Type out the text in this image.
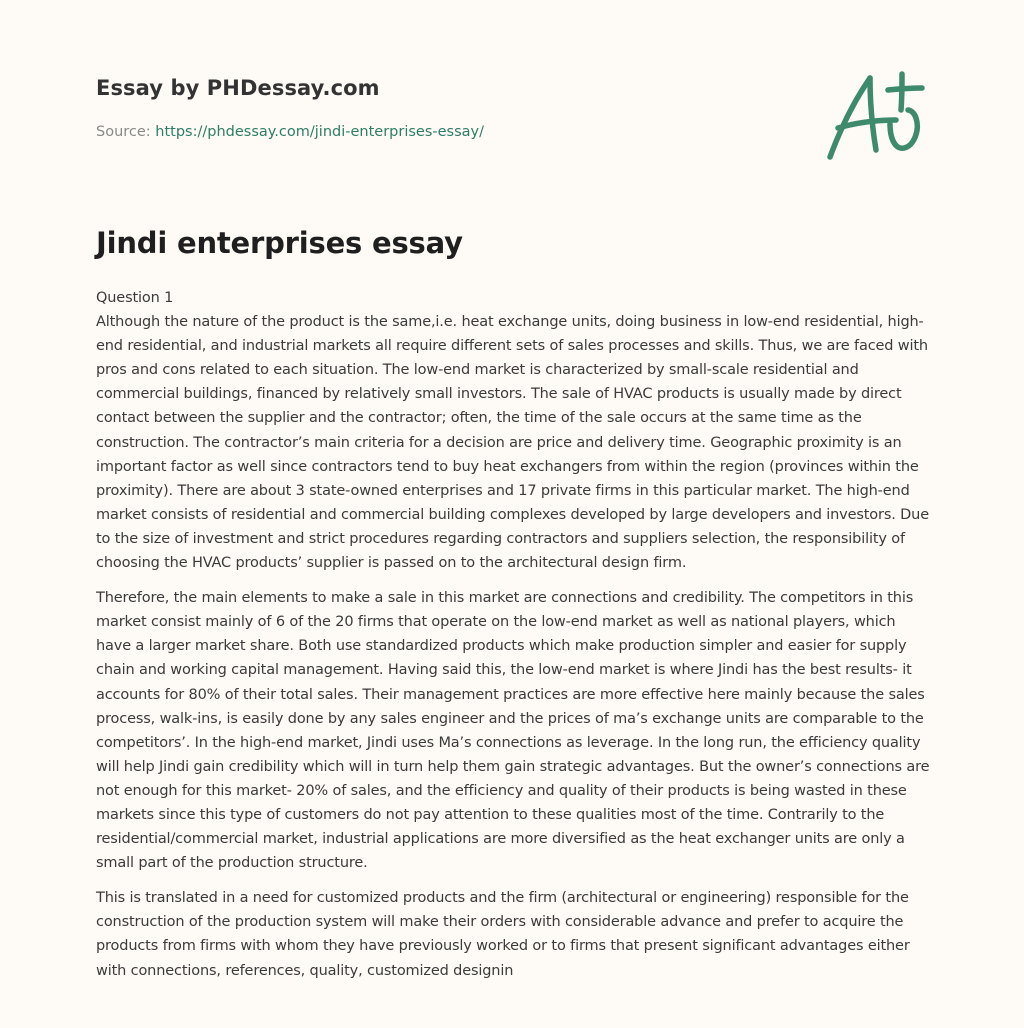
Essay by PHDessay.com
Source: https://phdessay.com/jindi-enterprises-essay/
Jindi enterprises essay

Question 1
Although the nature of the product is the same,i.e. heat exchange units, doing business in low-end residential, high-end residential, and industrial markets all require different sets of sales processes and skills. Thus, we are faced with pros and cons related to each situation. The low-end market is characterized by small-scale residential and commercial buildings, financed by relatively small investors. The sale of HVAC products is usually made by direct contact between the supplier and the contractor; often, the time of the sale occurs at the same time as the construction. The contractor’s main criteria for a decision are price and delivery time. Geographic proximity is an important factor as well since contractors tend to buy heat exchangers from within the region (provinces within the proximity). There are about 3 state-owned enterprises and 17 private firms in this particular market. The high-end market consists of residential and commercial building complexes developed by large developers and investors. Due to the size of investment and strict procedures regarding contractors and suppliers selection, the responsibility of choosing the HVAC products’ supplier is passed on to the architectural design firm.

Therefore, the main elements to make a sale in this market are connections and credibility. The competitors in this market consist mainly of 6 of the 20 firms that operate on the low-end market as well as national players, which have a larger market share. Both use standardized products which make production simpler and easier for supply chain and working capital management. Having said this, the low-end market is where Jindi has the best results- it accounts for 80% of their total sales. Their management practices are more effective here mainly because the sales process, walk-ins, is easily done by any sales engineer and the prices of ma’s exchange units are comparable to the competitors’. In the high-end market, Jindi uses Ma’s connections as leverage. In the long run, the efficiency quality will help Jindi gain credibility which will in turn help them gain strategic advantages. But the owner’s connections are not enough for this market- 20% of sales, and the efficiency and quality of their products is being wasted in these markets since this type of customers do not pay attention to these qualities most of the time. Contrarily to the residential/commercial market, industrial applications are more diversified as the heat exchanger units are only a small part of the production structure.

This is translated in a need for customized products and the firm (architectural or engineering) responsible for the construction of the production system will make their orders with considerable advance and prefer to acquire the products from firms with whom they have previously worked or to firms that present significant advantages either with connections, references, quality, customized designin
